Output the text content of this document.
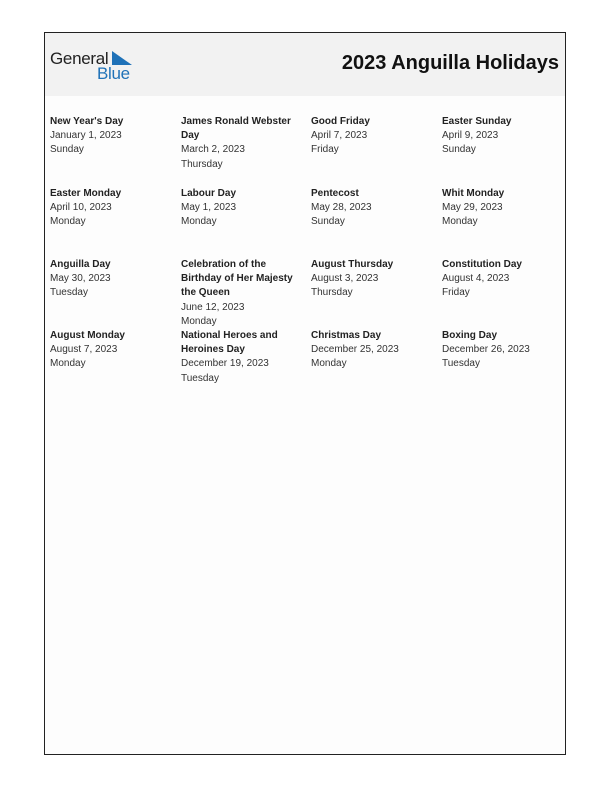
General
Blue	2023 Anguilla Holidays
New Year's Day
January 1, 2023
Sunday
James Ronald Webster Day
March 2, 2023
Thursday
Good Friday
April 7, 2023
Friday
Easter Sunday
April 9, 2023
Sunday
Easter Monday
April 10, 2023
Monday
Labour Day
May 1, 2023
Monday
Pentecost
May 28, 2023
Sunday
Whit Monday
May 29, 2023
Monday
Anguilla Day
May 30, 2023
Tuesday
Celebration of the Birthday of Her Majesty the Queen
June 12, 2023
Monday
August Thursday
August 3, 2023
Thursday
Constitution Day
August 4, 2023
Friday
August Monday
August 7, 2023
Monday
National Heroes and Heroines Day
December 19, 2023
Tuesday
Christmas Day
December 25, 2023
Monday
Boxing Day
December 26, 2023
Tuesday
